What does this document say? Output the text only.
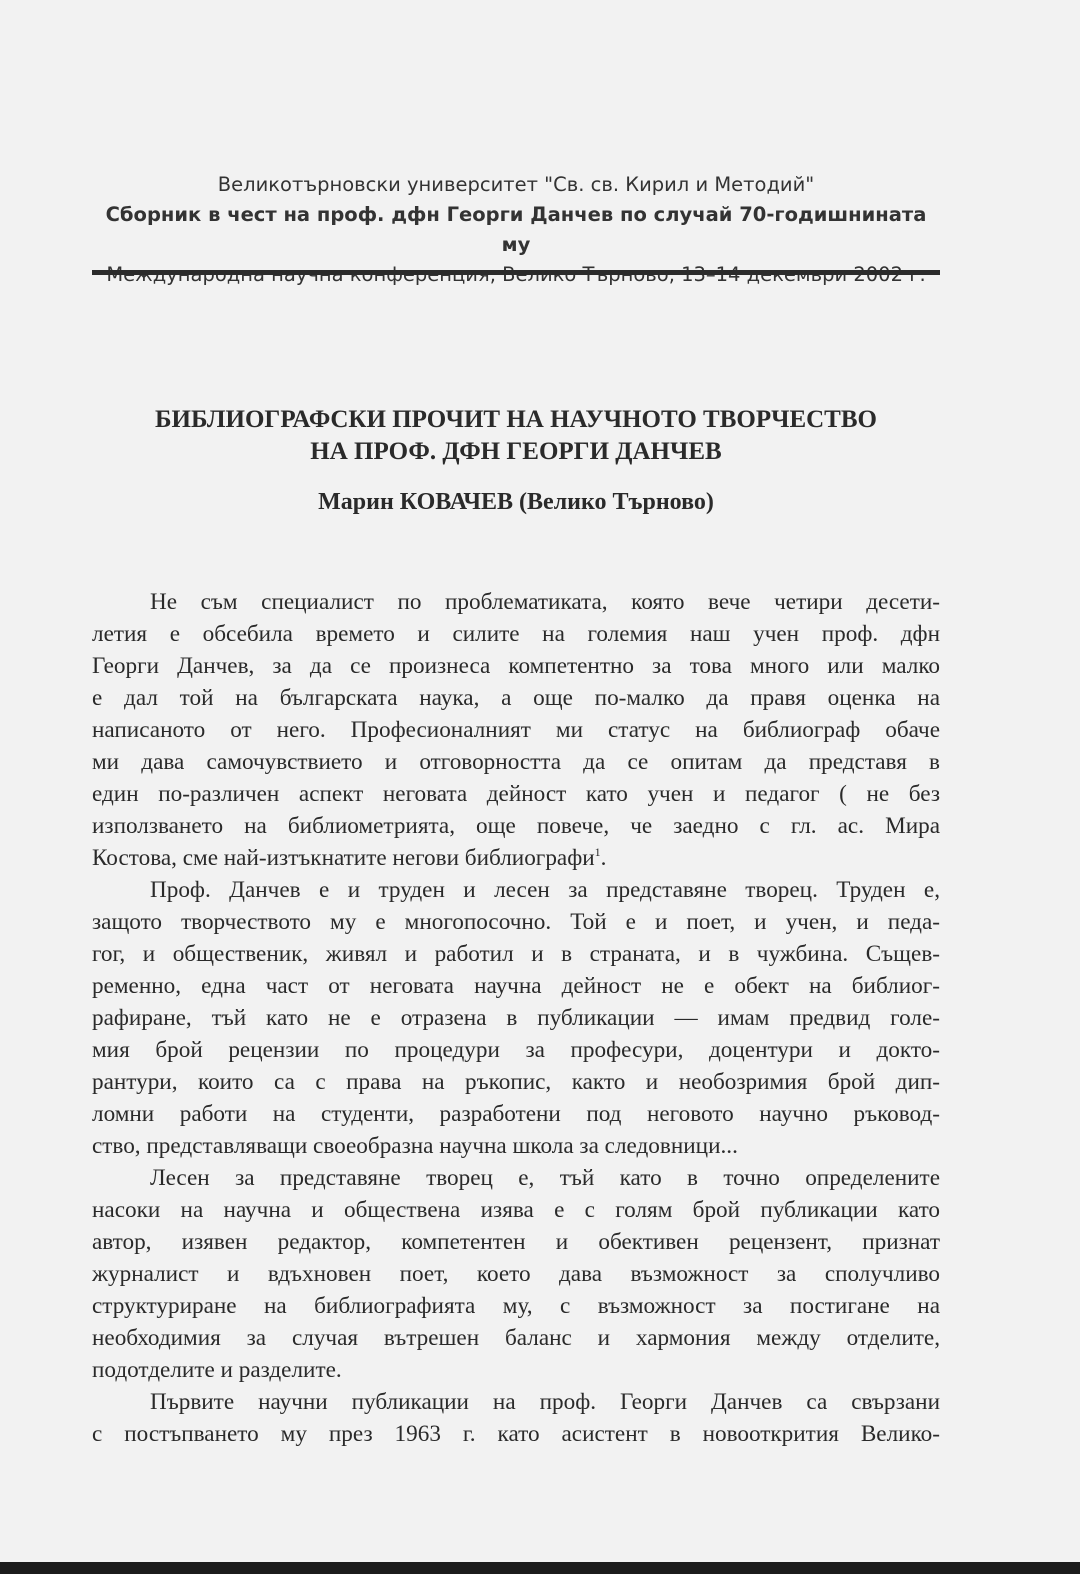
Великотърновски университет "Св. св. Кирил и Методий"
Сборник в чест на проф. дфн Георги Данчев по случай 70-годишнината му
БИБЛИОГРАФСКИ ПРОЧИТ НА НАУЧНОТО ТВОРЧЕСТВО
НА ПРОФ. ДФН ГЕОРГИ ДАНЧЕВ
Марин КОВАЧЕВ (Велико Търново)
Не съм специалист по проблематиката, която вече четири десети-
летия е обсебила времето и силите на големия наш учен проф. дфн
Георги Данчев, за да се произнеса компетентно за това много или малко
е дал той на българската наука, а още по-малко да правя оценка на
написаното от него. Професионалният ми статус на библиограф обаче
ми дава самочувствието и отговорността да се опитам да представя в
един по-различен аспект неговата дейност като учен и педагог ( не без
използването на библиометрията, още повече, че заедно с гл. ас. Мира
Костова, сме най-изтъкнатите негови библиографи$^1$.
Проф. Данчев е и труден и лесен за представяне творец. Труден е,
защото творчеството му е многопосочно. Той е и поет, и учен, и педа-
гог, и общественик, живял и работил и в страната, и в чужбина. Същев-
ременно, една част от неговата научна дейност не е обект на библиог-
рафиране, тъй като не е отразена в публикации — имам предвид голе-
мия брой рецензии по процедури за професури, доцентури и докто-
рантури, които са с права на ръкопис, както и необозримия брой дип-
ломни работи на студенти, разработени под неговото научно ръковод-
ство, представляващи своеобразна научна школа за следовници...
Лесен за представяне творец е, тъй като в точно определените
насоки на научна и обществена изява е с голям брой публикации като
автор, изявен редактор, компетентен и обективен рецензент, признат
журналист и вдъхновен поет, което дава възможност за сполучливо
структуриране на библиографията му, с възможност за постигане на
необходимия за случая вътрешен баланс и хармония между отделите,
подотделите и разделите.
Първите научни публикации на проф. Георги Данчев са свързани
с постъпването му през 1963 г. като асистент в новооткрития Велико-
